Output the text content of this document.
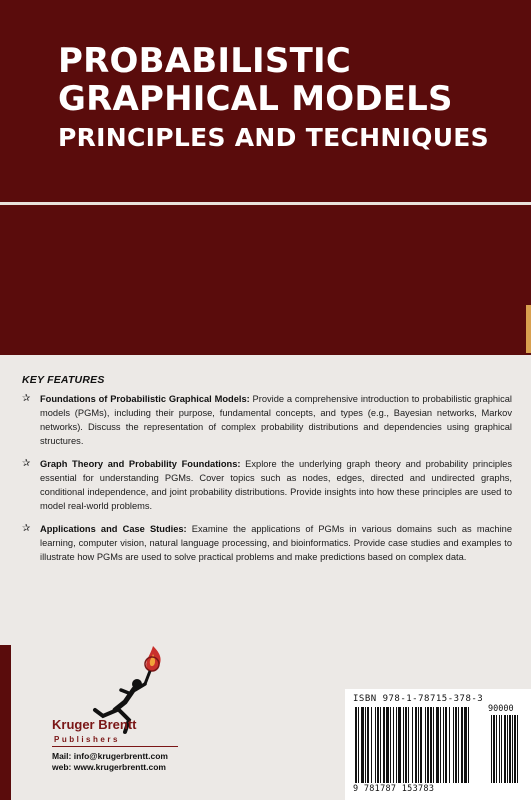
PROBABILISTIC
GRAPHICAL MODELS
PRINCIPLES AND TECHNIQUES
KEY FEATURES
✰ Foundations of Probabilistic Graphical Models: Provide a comprehensive introduction to probabilistic graphical models (PGMs), including their purpose, fundamental concepts, and types (e.g., Bayesian networks, Markov networks). Discuss the representation of complex probability distributions and dependencies using graphical structures.
✰ Graph Theory and Probability Foundations: Explore the underlying graph theory and probability principles essential for understanding PGMs. Cover topics such as nodes, edges, directed and undirected graphs, conditional independence, and joint probability distributions. Provide insights into how these principles are used to model real-world problems.
✰ Applications and Case Studies: Examine the applications of PGMs in various domains such as machine learning, computer vision, natural language processing, and bioinformatics. Provide case studies and examples to illustrate how PGMs are used to solve practical problems and make predictions based on complex data.
Kruger Brentt
Publishers
Mail: info@krugerbrentt.com
web: www.krugerbrentt.com
ISBN 978-1-78715-378-3
90000
9 781787 153783
